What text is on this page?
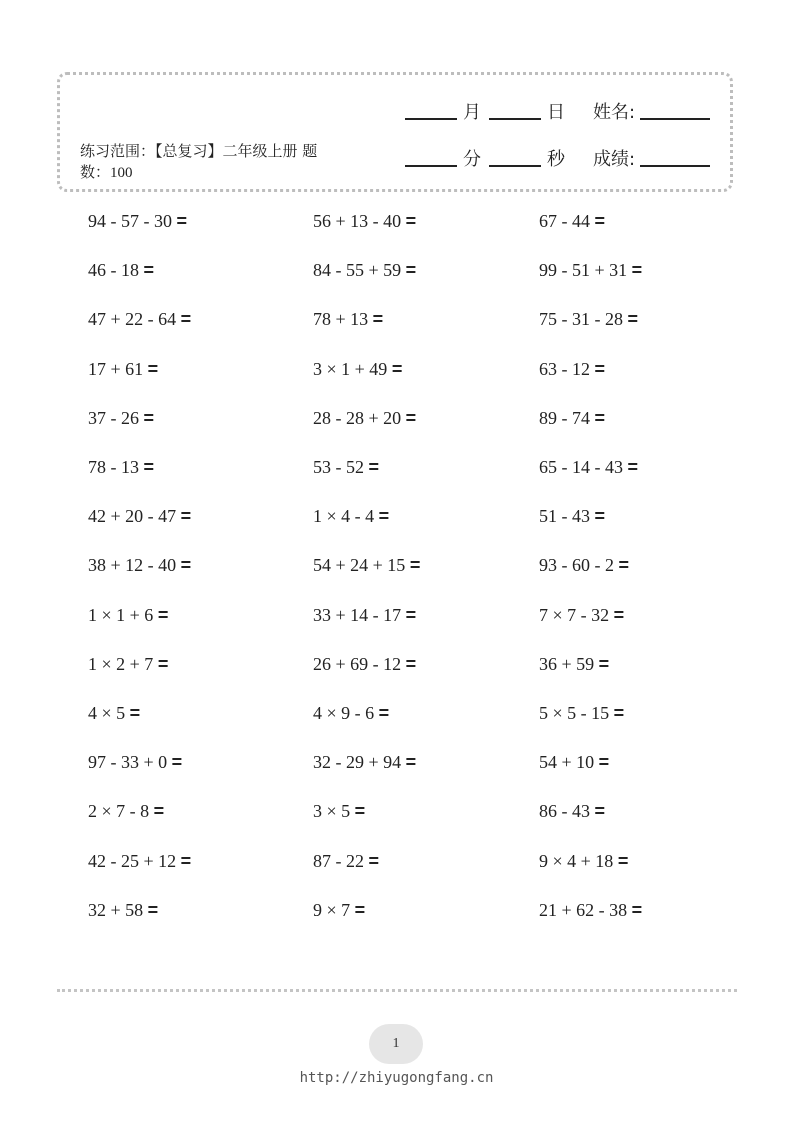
练习范围：【总复习】二年级上册 题数：100
月	日 姓名:
分	秒 成绩:
94 - 57 - 30 =	56 + 13 - 40 =	67 - 44 =
46 - 18 =	84 - 55 + 59 =	99 - 51 + 31 =
47 + 22 - 64 =	78 + 13 =	75 - 31 - 28 =
17 + 61 =	3 × 1 + 49 =	63 - 12 =
37 - 26 =	28 - 28 + 20 =	89 - 74 =
78 - 13 =	53 - 52 =	65 - 14 - 43 =
42 + 20 - 47 =	1 × 4 - 4 =	51 - 43 =
38 + 12 - 40 =	54 + 24 + 15 =	93 - 60 - 2 =
1 × 1 + 6 =	33 + 14 - 17 =	7 × 7 - 32 =
1 × 2 + 7 =	26 + 69 - 12 =	36 + 59 =
4 × 5 =	4 × 9 - 6 =	5 × 5 - 15 =
97 - 33 + 0 =	32 - 29 + 94 =	54 + 10 =
2 × 7 - 8 =	3 × 5 =	86 - 43 =
42 - 25 + 12 =	87 - 22 =	9 × 4 + 18 =
32 + 58 =	9 × 7 =	21 + 62 - 38 =
1
http://zhiyugongfang.cn
